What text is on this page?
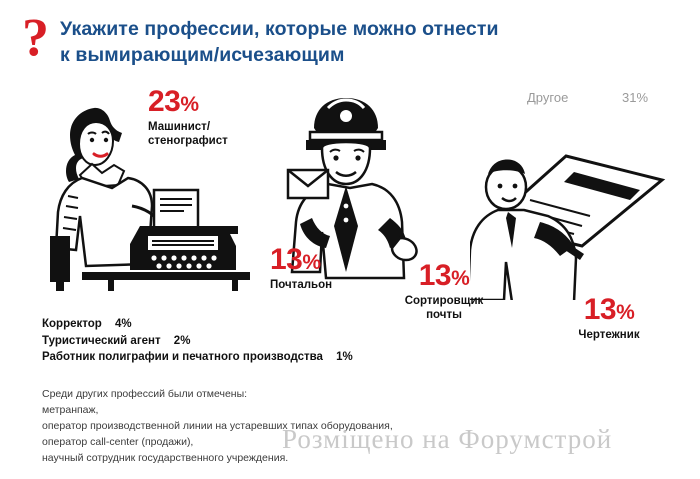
? Укажите профессии, которые можно отнести
к вымирающим/исчезающим
Другое	31%
23%
Машинист/
стенографист
13%
Почтальон	13%
Сортировщик
почты	13%
Чертежник
Корректор 4%
Туристический агент 2%
Работник полиграфии и печатного производства 1%
Среди других профессий были отмечены:
метранпаж,
оператор производственной линии на устаревших типах оборудования,
оператор call-center (продажи),
научный сотрудник государственного учреждения.
Розміщено на Форумстрой
